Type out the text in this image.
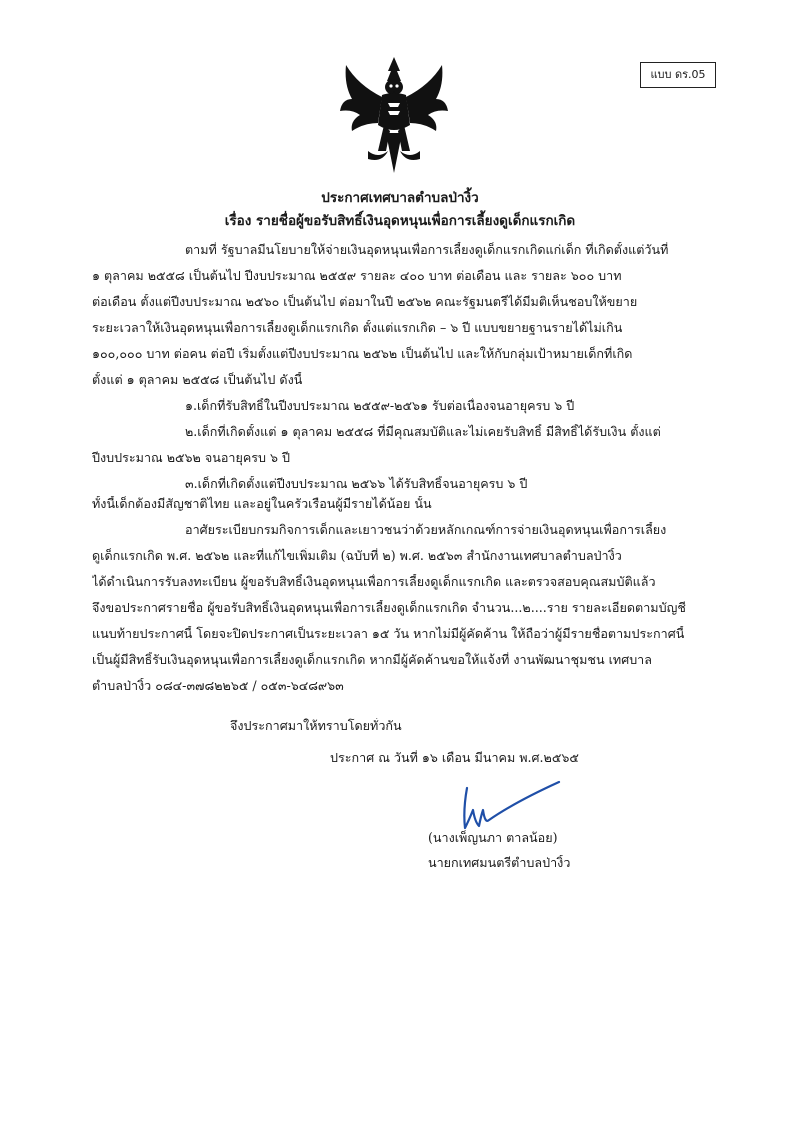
แบบ ดร.05
ประกาศเทศบาลตำบลป่างิ้ว
เรื่อง รายชื่อผู้ขอรับสิทธิ์เงินอุดหนุนเพื่อการเลี้ยงดูเด็กแรกเกิด
ตามที่ รัฐบาลมีนโยบายให้จ่ายเงินอุดหนุนเพื่อการเลี้ยงดูเด็กแรกเกิดแก่เด็ก ที่เกิดตั้งแต่วันที่
๑ ตุลาคม ๒๕๕๘ เป็นต้นไป ปีงบประมาณ ๒๕๕๙ รายละ ๔๐๐ บาท ต่อเดือน และ รายละ ๖๐๐ บาท
ต่อเดือน ตั้งแต่ปีงบประมาณ ๒๕๖๐ เป็นต้นไป ต่อมาในปี ๒๕๖๒ คณะรัฐมนตรีได้มีมติเห็นชอบให้ขยาย
ระยะเวลาให้เงินอุดหนุนเพื่อการเลี้ยงดูเด็กแรกเกิด ตั้งแต่แรกเกิด – ๖ ปี แบบขยายฐานรายได้ไม่เกิน
๑๐๐,๐๐๐ บาท ต่อคน ต่อปี เริ่มตั้งแต่ปีงบประมาณ ๒๕๖๒ เป็นต้นไป และให้กับกลุ่มเป้าหมายเด็กที่เกิด
ตั้งแต่ ๑ ตุลาคม ๒๕๕๘ เป็นต้นไป ดังนี้
๑.เด็กที่รับสิทธิ์ในปีงบประมาณ ๒๕๕๙-๒๕๖๑ รับต่อเนื่องจนอายุครบ ๖ ปี
๒.เด็กที่เกิดตั้งแต่ ๑ ตุลาคม ๒๕๕๘ ที่มีคุณสมบัติและไม่เคยรับสิทธิ์ มีสิทธิ์ได้รับเงิน ตั้งแต่
ปีงบประมาณ ๒๕๖๒ จนอายุครบ ๖ ปี
๓.เด็กที่เกิดตั้งแต่ปีงบประมาณ ๒๕๖๖ ได้รับสิทธิ์จนอายุครบ ๖ ปี
ทั้งนี้เด็กต้องมีสัญชาติไทย และอยู่ในครัวเรือนผู้มีรายได้น้อย นั้น
อาศัยระเบียบกรมกิจการเด็กและเยาวชนว่าด้วยหลักเกณฑ์การจ่ายเงินอุดหนุนเพื่อการเลี้ยง
ดูเด็กแรกเกิด พ.ศ. ๒๕๖๒ และที่แก้ไขเพิ่มเติม (ฉบับที่ ๒) พ.ศ. ๒๕๖๓ สำนักงานเทศบาลตำบลป่างิ้ว
ได้ดำเนินการรับลงทะเบียน ผู้ขอรับสิทธิ์เงินอุดหนุนเพื่อการเลี้ยงดูเด็กแรกเกิด และตรวจสอบคุณสมบัติแล้ว
จึงขอประกาศรายชื่อ ผู้ขอรับสิทธิ์เงินอุดหนุนเพื่อการเลี้ยงดูเด็กแรกเกิด จำนวน...๒....ราย รายละเอียดตามบัญชี
แนบท้ายประกาศนี้ โดยจะปิดประกาศเป็นระยะเวลา ๑๕ วัน หากไม่มีผู้คัดค้าน ให้ถือว่าผู้มีรายชื่อตามประกาศนี้
เป็นผู้มีสิทธิ์รับเงินอุดหนุนเพื่อการเลี้ยงดูเด็กแรกเกิด หากมีผู้คัดค้านขอให้แจ้งที่ งานพัฒนาชุมชน เทศบาล
ตำบลป่างิ้ว ๐๘๔-๓๗๘๒๒๖๕ / ๐๕๓-๖๔๘๙๖๓
จึงประกาศมาให้ทราบโดยทั่วกัน
ประกาศ ณ วันที่ ๑๖ เดือน มีนาคม พ.ศ.๒๕๖๕
(นางเพ็ญนภา ตาลน้อย)
นายกเทศมนตรีตำบลป่างิ้ว
